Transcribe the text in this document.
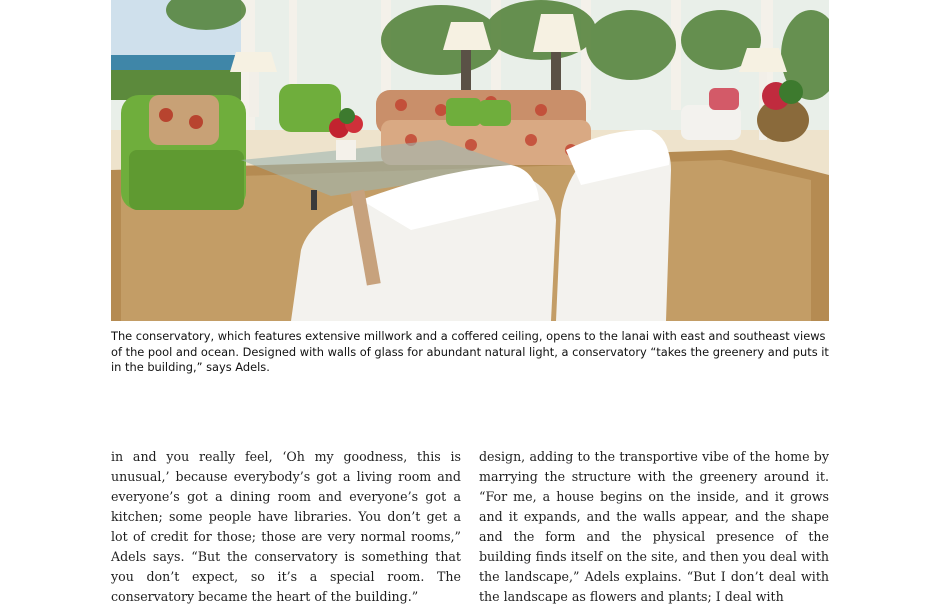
The conservatory, which features extensive millwork and a coffered ceiling, opens to the lanai with east and southeast views of the pool and ocean. Designed with walls of glass for abundant natural light, a conservatory “takes the greenery and puts it in the building,” says Adels.

in and you really feel, ‘Oh my goodness, this is unusual,’ because everybody’s got a living room and everyone’s got a dining room and everyone’s got a kitchen; some people have libraries. You don’t get a lot of credit for those; those are very normal rooms,” Adels says. “But the conservatory is something that you don’t expect, so it’s a special room. The conservatory became the heart of the building.”

design, adding to the transportive vibe of the home by marrying the structure with the greenery around it. “For me, a house begins on the inside, and it grows and it expands, and the walls appear, and the shape and the form and the physical presence of the building finds itself on the site, and then you deal with the landscape,” Adels explains. “But I don’t deal with the landscape as flowers and plants; I deal with
